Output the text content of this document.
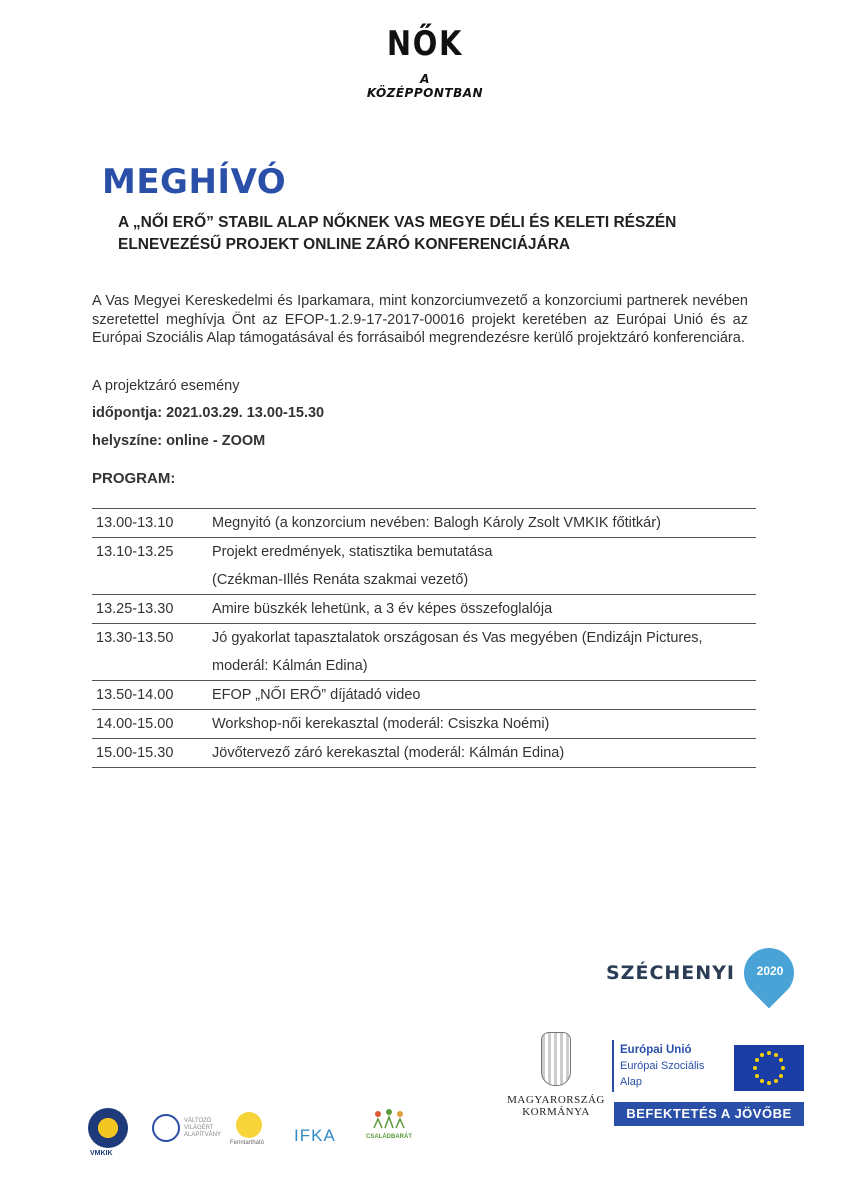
NŐK
A KÖZÉPPONTBAN
MEGHÍVÓ
A „NŐI ERŐ” STABIL ALAP NŐKNEK VAS MEGYE DÉLI ÉS KELETI RÉSZÉN ELNEVEZÉSŰ PROJEKT ONLINE ZÁRÓ KONFERENCIÁJÁRA
A Vas Megyei Kereskedelmi és Iparkamara, mint konzorciumvezető a konzorciumi partnerek nevében szeretettel meghívja Önt az EFOP-1.2.9-17-2017-00016 projekt keretében az Európai Unió és az Európai Szociális Alap támogatásával és forrásaiból megrendezésre kerülő projektzáró konferenciára.
A projektzáró esemény
időpontja: 2021.03.29. 13.00-15.30
helyszíne: online - ZOOM
PROGRAM:
13.00-13.10	Megnyitó (a konzorcium nevében: Balogh Károly Zsolt VMKIK főtitkár)
13.10-13.25	Projekt eredmények, statisztika bemutatása
(Czékman-Illés Renáta szakmai vezető)
13.25-13.30	Amire büszkék lehetünk, a 3 év képes összefoglalója
13.30-13.50	Jó gyakorlat tapasztalatok országosan és Vas megyében (Endizájn Pictures,
moderál: Kálmán Edina)
13.50-14.00	EFOP „NŐI ERŐ” díjátadó video
14.00-15.00	Workshop-női kerekasztal (moderál: Csiszka Noémi)
15.00-15.30	Jövőtervező záró kerekasztal (moderál: Kálmán Edina)
SZÉCHENYI	2020
MAGYARORSZÁG
KORMÁNYA
Európai Unió
Európai Szociális
Alap
BEFEKTETÉS A JÖVŐBE
VMKIK
VÁLTOZÓ VILÁGÉRT ALAPÍTVÁNY
Fenntartható IFKA	CSALÁDBARÁT
